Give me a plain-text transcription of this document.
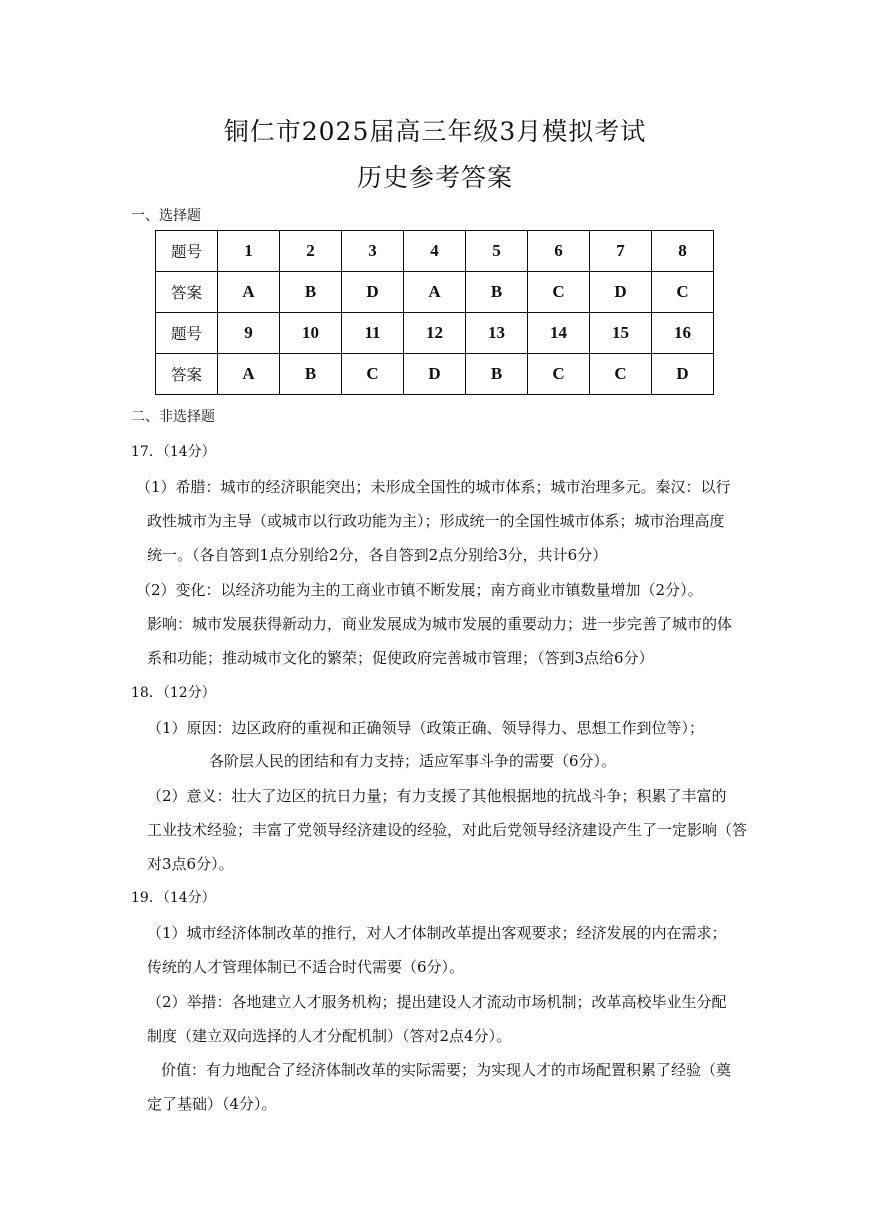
铜仁市2025届高三年级3月模拟考试
历史参考答案
一、选择题
题号	1	2	3	4	5	6	7	8
答案	A	B	D	A	B	C	D	C
题号	9	10	11	12	13	14	15	16
答案	A	B	C	D	B	C	C	D
二、非选择题
17．（14分）
（1）希腊：城市的经济职能突出；未形成全国性的城市体系；城市治理多元。秦汉：以行
政性城市为主导（或城市以行政功能为主）；形成统一的全国性城市体系；城市治理高度
统一。（各自答到1点分别给2分，各自答到2点分别给3分，共计6分）
（2）变化：以经济功能为主的工商业市镇不断发展；南方商业市镇数量增加（2分）。
影响：城市发展获得新动力，商业发展成为城市发展的重要动力；进一步完善了城市的体
系和功能；推动城市文化的繁荣；促使政府完善城市管理；（答到3点给6分）
18．（12分）
（1）原因：边区政府的重视和正确领导（政策正确、领导得力、思想工作到位等）；
各阶层人民的团结和有力支持；适应军事斗争的需要（6分）。
（2）意义：壮大了边区的抗日力量；有力支援了其他根据地的抗战斗争；积累了丰富的
工业技术经验；丰富了党领导经济建设的经验，对此后党领导经济建设产生了一定影响（答
对3点6分）。
19．（14分）
（1）城市经济体制改革的推行，对人才体制改革提出客观要求；经济发展的内在需求；
传统的人才管理体制已不适合时代需要（6分）。
（2）举措：各地建立人才服务机构；提出建设人才流动市场机制；改革高校毕业生分配
制度（建立双向选择的人才分配机制）（答对2点4分）。
价值：有力地配合了经济体制改革的实际需要；为实现人才的市场配置积累了经验（奠
定了基础）（4分）。
